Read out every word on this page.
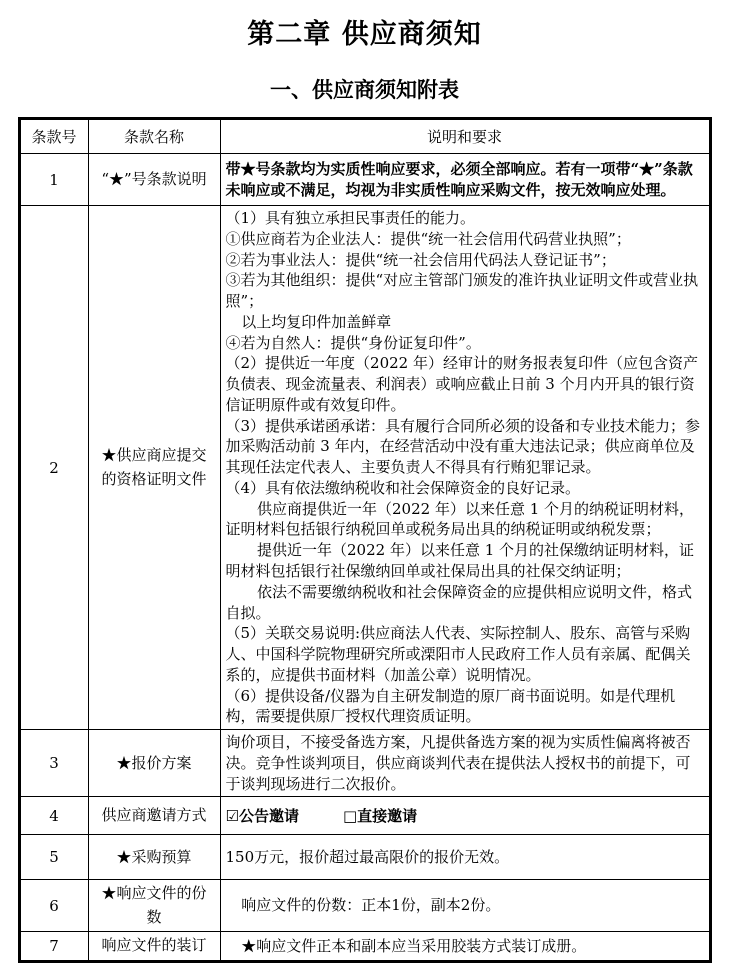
第二章 供应商须知
一、供应商须知附表
条款号	条款名称	说明和要求
1	“★”号条款说明	带★号条款均为实质性响应要求，必须全部响应。若有一项带“★”条款未响应或不满足，均视为非实质性响应采购文件，按无效响应处理。

2	★供应商应提交的资格证明文件	
（1）具有独立承担民事责任的能力。
①供应商若为企业法人：提供“统一社会信用代码营业执照”；
②若为事业法人：提供“统一社会信用代码法人登记证书”；
③若为其他组织：提供“对应主管部门颁发的准许执业证明文件或营业执照”；
以上均复印件加盖鲜章
④若为自然人：提供“身份证复印件”。
（2）提供近一年度（2022 年）经审计的财务报表复印件（应包含资产负债表、现金流量表、利润表）或响应截止日前 3 个月内开具的银行资信证明原件或有效复印件。
（3）提供承诺函承诺：具有履行合同所必须的设备和专业技术能力；参加采购活动前 3 年内，在经营活动中没有重大违法记录；供应商单位及其现任法定代表人、主要负责人不得具有行贿犯罪记录。
（4）具有依法缴纳税收和社会保障资金的良好记录。
供应商提供近一年（2022 年）以来任意 1 个月的纳税证明材料，证明材料包括银行纳税回单或税务局出具的纳税证明或纳税发票；
提供近一年（2022 年）以来任意 1 个月的社保缴纳证明材料，证明材料包括银行社保缴纳回单或社保局出具的社保交纳证明；
依法不需要缴纳税收和社会保障资金的应提供相应说明文件，格式自拟。
（5）关联交易说明:供应商法人代表、实际控制人、股东、高管与采购人、中国科学院物理研究所或溧阳市人民政府工作人员有亲属、配偶关系的，应提供书面材料（加盖公章）说明情况。
（6）提供设备/仪器为自主研发制造的原厂商书面说明。如是代理机构，需要提供原厂授权代理资质证明。

3	★报价方案	询价项目，不接受备选方案，凡提供备选方案的视为实质性偏离将被否决。竞争性谈判项目，供应商谈判代表在提供法人授权书的前提下，可于谈判现场进行二次报价。

4	供应商邀请方式	☑公告邀请 □直接邀请

5	★采购预算	150万元，报价超过最高限价的报价无效。

6	★响应文件的份数	响应文件的份数：正本1份，副本2份。

7	响应文件的装订	★响应文件正本和副本应当采用胶装方式装订成册。
